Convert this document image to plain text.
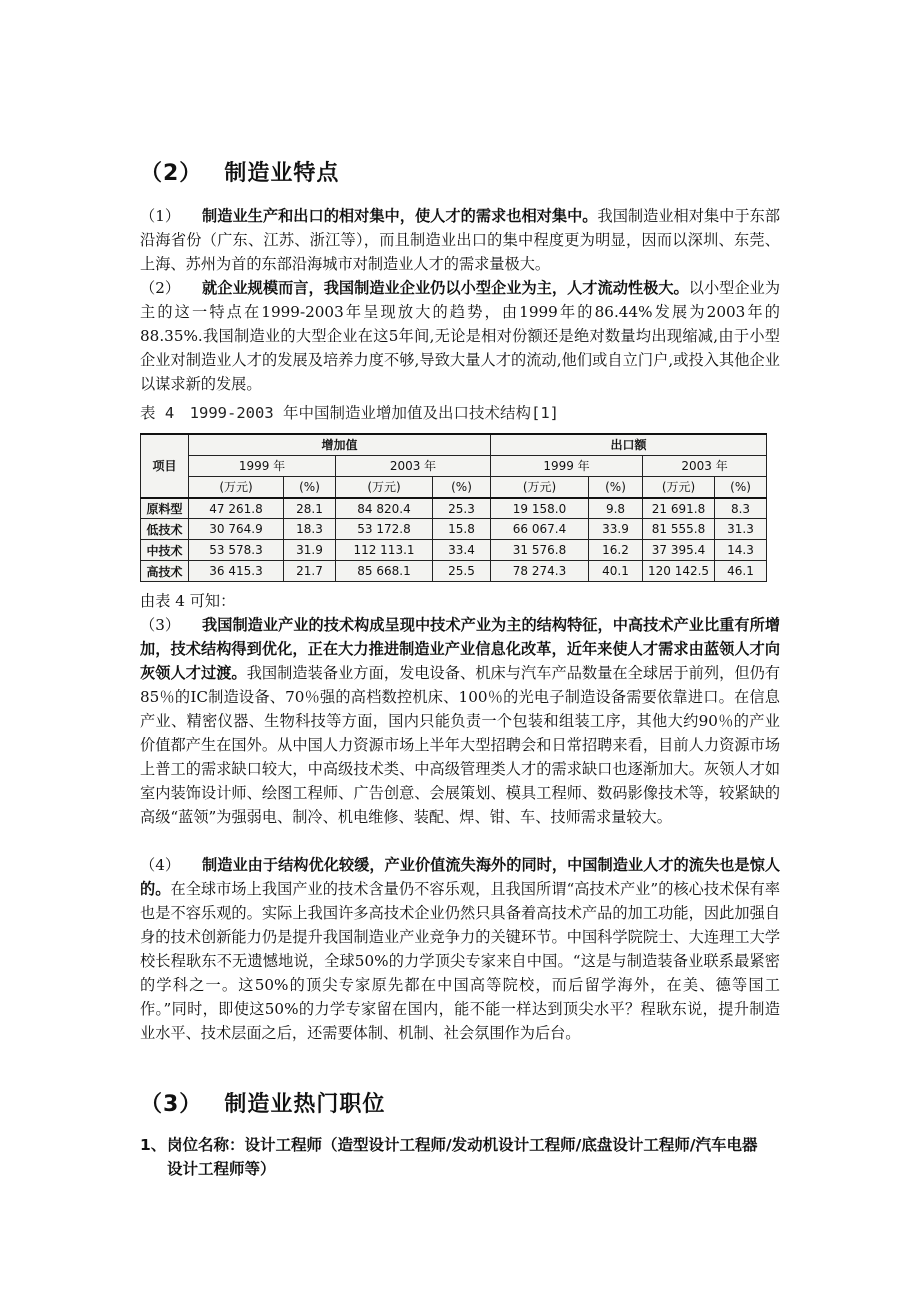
（2） 制造业特点
（1） 制造业生产和出口的相对集中，使人才的需求也相对集中。我国制造业相对集中于东部沿海省份（广东、江苏、浙江等），而且制造业出口的集中程度更为明显，因而以深圳、东莞、上海、苏州为首的东部沿海城市对制造业人才的需求量极大。
（2） 就企业规模而言，我国制造业企业仍以小型企业为主，人才流动性极大。以小型企业为主的这一特点在1999-2003年呈现放大的趋势，由1999年的86.44%发展为2003年的88.35%.我国制造业的大型企业在这5年间,无论是相对份额还是绝对数量均出现缩减,由于小型企业对制造业人才的发展及培养力度不够,导致大量人才的流动,他们或自立门户,或投入其他企业以谋求新的发展。
表 4　1999-2003 年中国制造业增加值及出口技术结构[1]
项目	增加值				出口额			
	1999 年		2003 年		1999 年		2003 年	
	(万元)	(%)	(万元)	(%)	(万元)	(%)	(万元)	(%)
原料型	47 261.8	28.1	84 820.4	25.3	19 158.0	9.8	21 691.8	8.3
低技术	30 764.9	18.3	53 172.8	15.8	66 067.4	33.9	81 555.8	31.3
中技术	53 578.3	31.9	112 113.1	33.4	31 576.8	16.2	37 395.4	14.3
高技术	36 415.3	21.7	85 668.1	25.5	78 274.3	40.1	120 142.5	46.1
由表 4 可知：
（3） 我国制造业产业的技术构成呈现中技术产业为主的结构特征，中高技术产业比重有所增加，技术结构得到优化，正在大力推进制造业产业信息化改革，近年来使人才需求由蓝领人才向灰领人才过渡。我国制造装备业方面，发电设备、机床与汽车产品数量在全球居于前列，但仍有 85％的IC制造设备、70％强的高档数控机床、100％的光电子制造设备需要依靠进口。在信息产业、精密仪器、生物科技等方面，国内只能负责一个包装和组装工序，其他大约90％的产业价值都产生在国外。从中国人力资源市场上半年大型招聘会和日常招聘来看，目前人力资源市场上普工的需求缺口较大，中高级技术类、中高级管理类人才的需求缺口也逐渐加大。灰领人才如室内装饰设计师、绘图工程师、广告创意、会展策划、模具工程师、数码影像技术等，较紧缺的高级“蓝领”为强弱电、制冷、机电维修、装配、焊、钳、车、技师需求量较大。
（4） 制造业由于结构优化较缓，产业价值流失海外的同时，中国制造业人才的流失也是惊人的。在全球市场上我国产业的技术含量仍不容乐观，且我国所谓“高技术产业”的核心技术保有率也是不容乐观的。实际上我国许多高技术企业仍然只具备着高技术产品的加工功能，因此加强自身的技术创新能力仍是提升我国制造业产业竞争力的关键环节。中国科学院院士、大连理工大学校长程耿东不无遗憾地说，全球50%的力学顶尖专家来自中国。“这是与制造装备业联系最紧密的学科之一。这50%的顶尖专家原先都在中国高等院校，而后留学海外，在美、德等国工作。”同时，即使这50%的力学专家留在国内，能不能一样达到顶尖水平？程耿东说，提升制造业水平、技术层面之后，还需要体制、机制、社会氛围作为后台。
（3） 制造业热门职位
1、岗位名称：设计工程师（造型设计工程师/发动机设计工程师/底盘设计工程师/汽车电器
设计工程师等）
